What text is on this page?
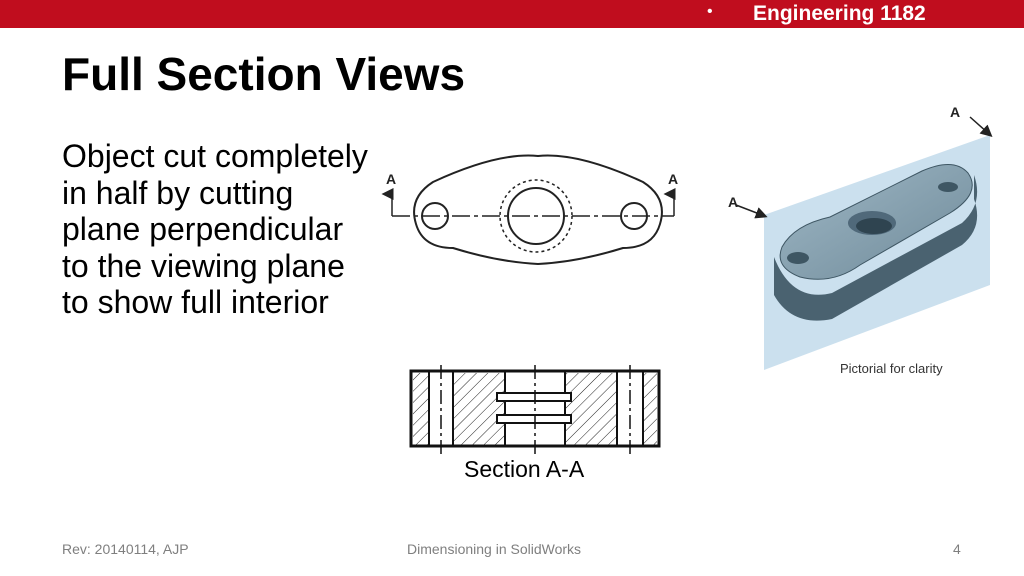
• Engineering 1182
Full Section Views

Object cut completely in half by cutting plane perpendicular to the viewing plane to show full interior

A	A
A
A
Pictorial for clarity
Section A-A
Rev: 20140114, AJP	Dimensioning in SolidWorks	4
